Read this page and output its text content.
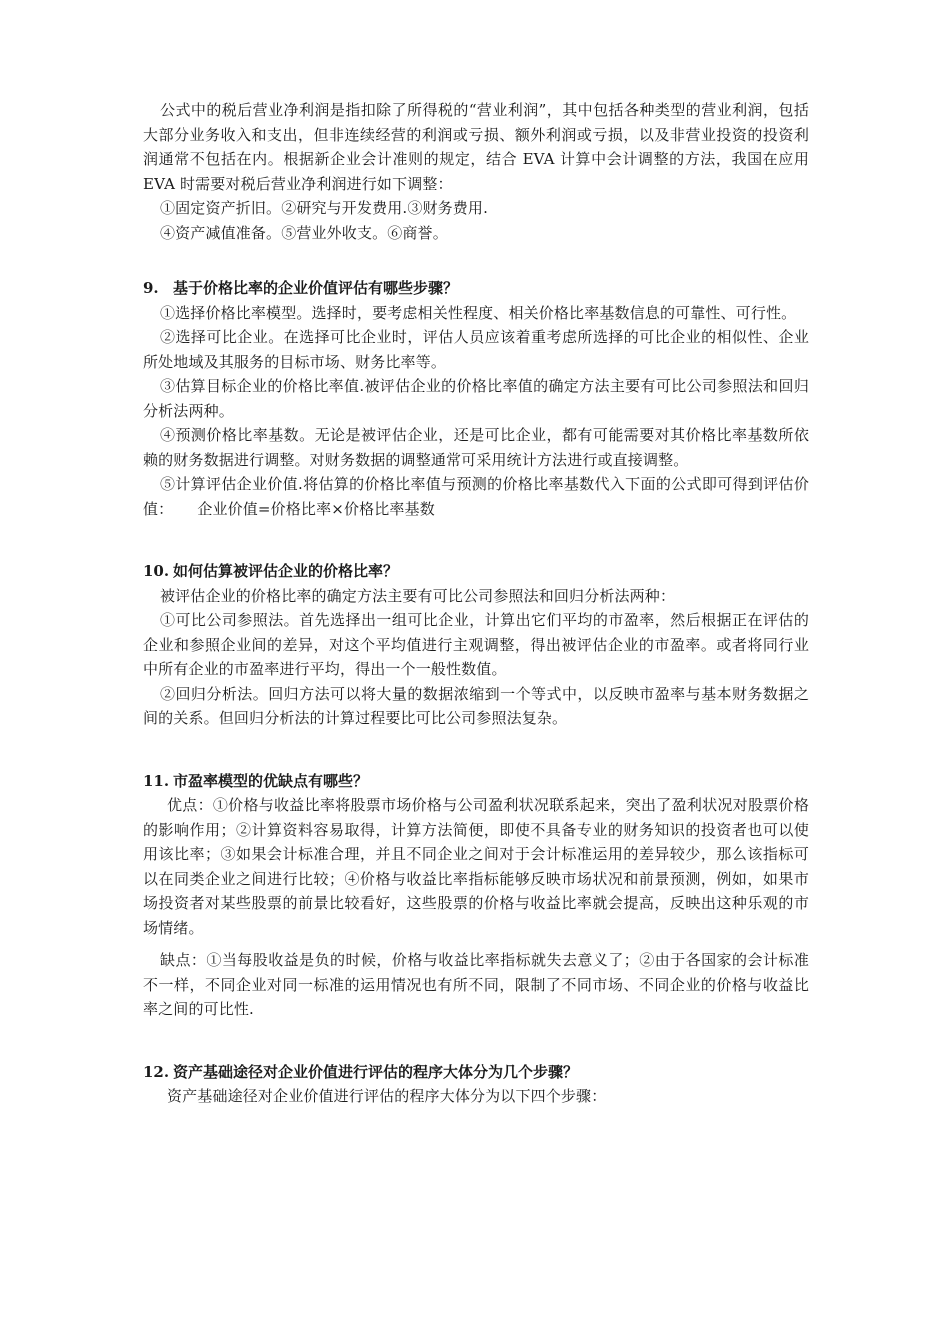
公式中的税后营业净利润是指扣除了所得税的“营业利润”，其中包括各种类型的营业利润，包括大部分业务收入和支出，但非连续经营的利润或亏损、额外利润或亏损，以及非营业投资的投资利润通常不包括在内。根据新企业会计准则的规定，结合 EVA 计算中会计调整的方法，我国在应用 EVA 时需要对税后营业净利润进行如下调整：

①固定资产折旧。②研究与开发费用.③财务费用.

④资产减值准备。⑤营业外收支。⑥商誉。

9. 基于价格比率的企业价值评估有哪些步骤？

①选择价格比率模型。选择时，要考虑相关性程度、相关价格比率基数信息的可靠性、可行性。

②选择可比企业。在选择可比企业时，评估人员应该着重考虑所选择的可比企业的相似性、企业所处地域及其服务的目标市场、财务比率等。

③估算目标企业的价格比率值.被评估企业的价格比率值的确定方法主要有可比公司参照法和回归分析法两种。

④预测价格比率基数。无论是被评估企业，还是可比企业，都有可能需要对其价格比率基数所依赖的财务数据进行调整。对财务数据的调整通常可采用统计方法进行或直接调整。

⑤计算评估企业价值.将估算的价格比率值与预测的价格比率基数代入下面的公式即可得到评估价值： 企业价值=价格比率×价格比率基数

10. 如何估算被评估企业的价格比率？

被评估企业的价格比率的确定方法主要有可比公司参照法和回归分析法两种：

①可比公司参照法。首先选择出一组可比企业，计算出它们平均的市盈率，然后根据正在评估的企业和参照企业间的差异，对这个平均值进行主观调整，得出被评估企业的市盈率。或者将同行业中所有企业的市盈率进行平均，得出一个一般性数值。

②回归分析法。回归方法可以将大量的数据浓缩到一个等式中，以反映市盈率与基本财务数据之间的关系。但回归分析法的计算过程要比可比公司参照法复杂。

11. 市盈率模型的优缺点有哪些？

优点：①价格与收益比率将股票市场价格与公司盈利状况联系起来，突出了盈利状况对股票价格的影响作用；②计算资料容易取得，计算方法简便，即使不具备专业的财务知识的投资者也可以使用该比率；③如果会计标准合理，并且不同企业之间对于会计标准运用的差异较少，那么该指标可以在同类企业之间进行比较；④价格与收益比率指标能够反映市场状况和前景预测，例如，如果市场投资者对某些股票的前景比较看好，这些股票的价格与收益比率就会提高，反映出这种乐观的市场情绪。

缺点：①当每股收益是负的时候，价格与收益比率指标就失去意义了；②由于各国家的会计标准不一样，不同企业对同一标准的运用情况也有所不同，限制了不同市场、不同企业的价格与收益比率之间的可比性.

12. 资产基础途径对企业价值进行评估的程序大体分为几个步骤？

资产基础途径对企业价值进行评估的程序大体分为以下四个步骤：
